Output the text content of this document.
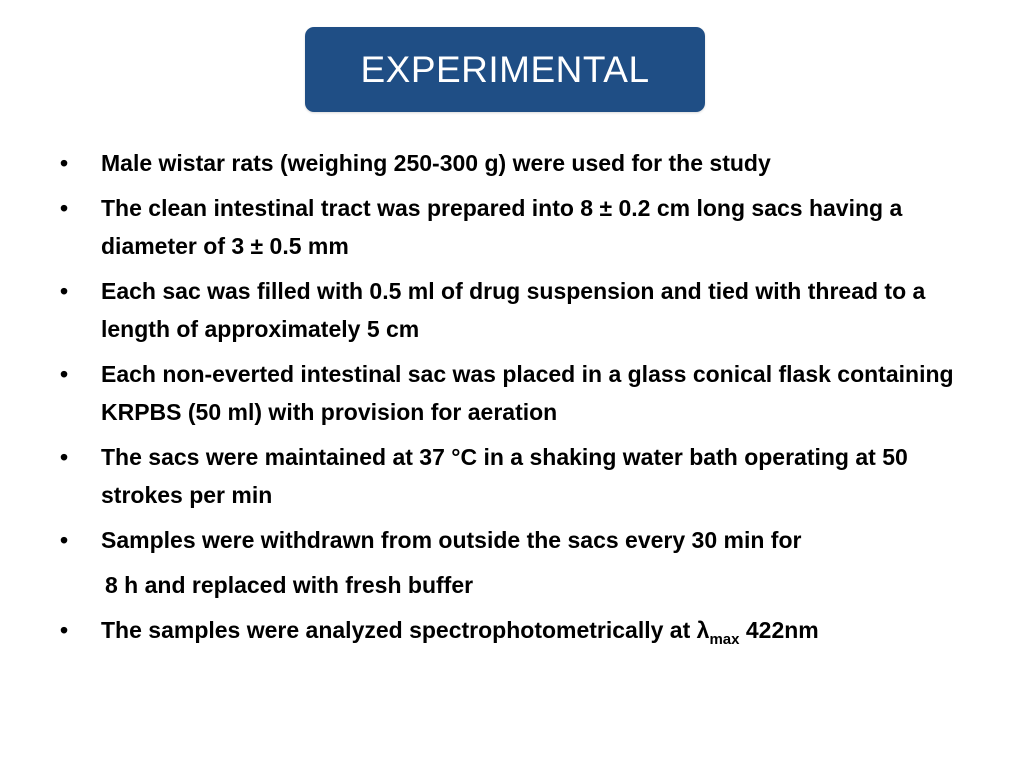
EXPERIMENTAL
•	Male wistar rats (weighing 250-300 g) were used for the study
•	The clean intestinal tract was prepared into 8 ± 0.2 cm long sacs having a diameter of 3 ± 0.5 mm
•	Each sac was filled with 0.5 ml of drug suspension and tied with thread to a length of approximately 5 cm
•	Each non-everted intestinal sac was placed in a glass conical flask containing KRPBS (50 ml) with provision for aeration
•	The sacs were maintained at 37 °C in a shaking water bath operating at 50 strokes per min
•	Samples were withdrawn from outside the sacs every 30 min for
8 h and replaced with fresh buffer
•	The samples were analyzed spectrophotometrically at $\lambda_{max}$ 422nm
